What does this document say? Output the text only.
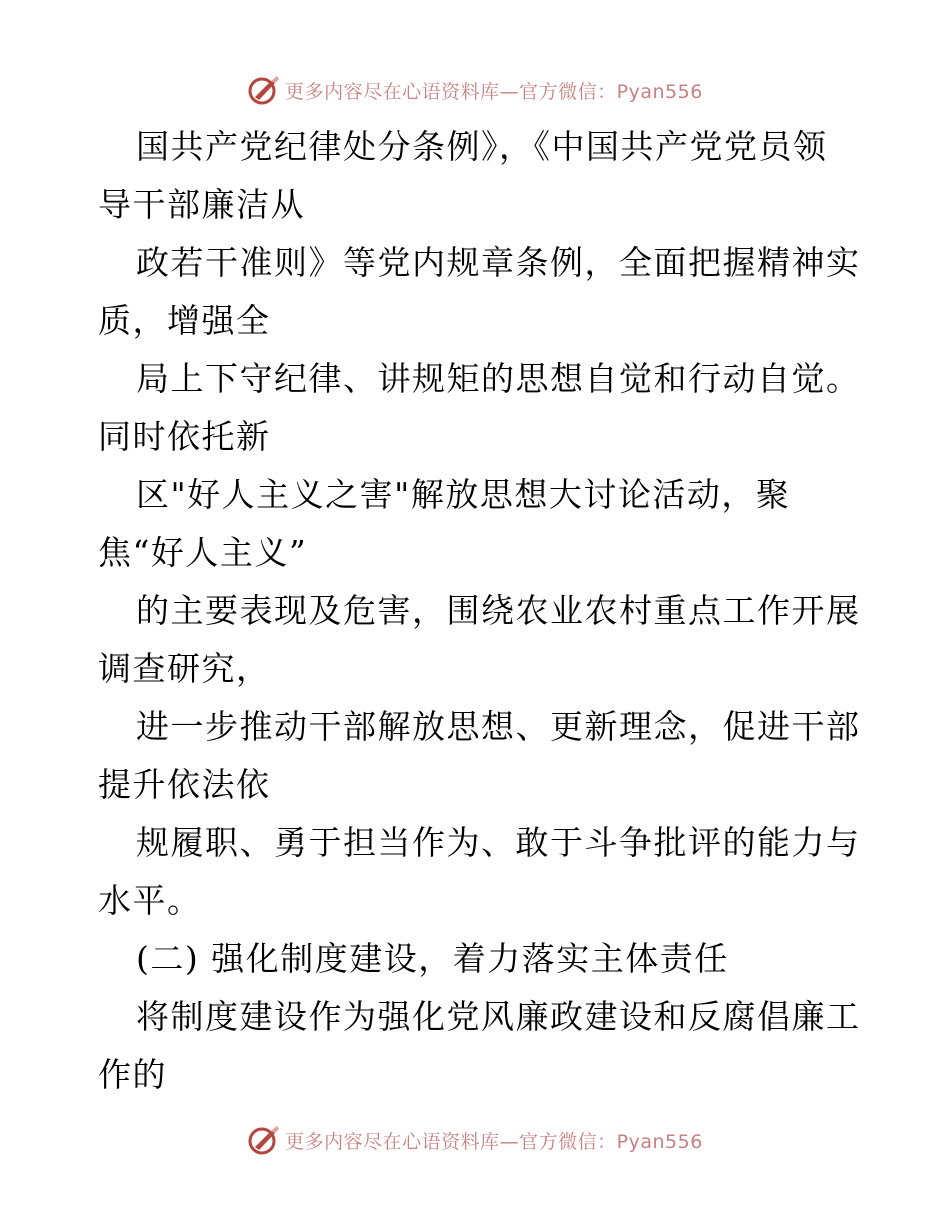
更多内容尽在心语资料库—官方微信：Pyan556
国共产党纪律处分条例》，《中国共产党党员领
导干部廉洁从
政若干准则》等党内规章条例，全面把握精神实
质，增强全
局上下守纪律、讲规矩的思想自觉和行动自觉。
同时依托新
区"好人主义之害"解放思想大讨论活动，聚
焦“好人主义”
的主要表现及危害，围绕农业农村重点工作开展
调查研究，
进一步推动干部解放思想、更新理念，促进干部
提升依法依
规履职、勇于担当作为、敢于斗争批评的能力与
水平。
(二) 强化制度建设，着力落实主体责任
将制度建设作为强化党风廉政建设和反腐倡廉工
作的
更多内容尽在心语资料库—官方微信：Pyan556
